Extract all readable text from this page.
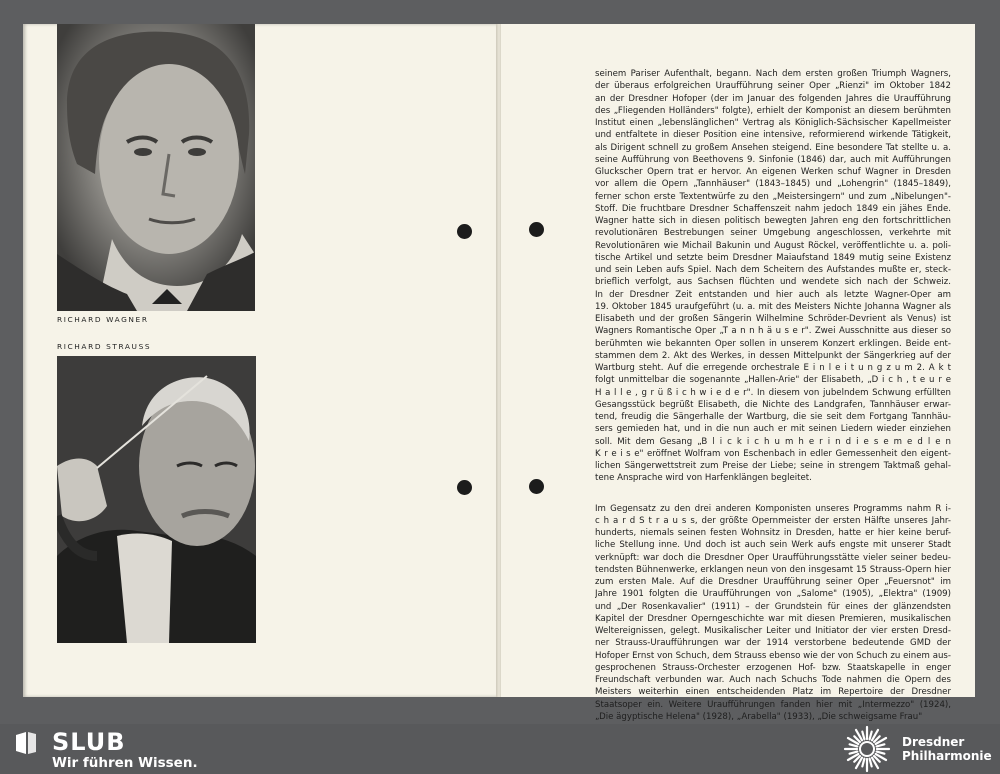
RICHARD WAGNER
RICHARD STRAUSS
seinem Pariser Aufenthalt, begann. Nach dem ersten großen Triumph Wagners,
der überaus erfolgreichen Uraufführung seiner Oper „Rienzi" im Oktober 1842
an der Dresdner Hofoper (der im Januar des folgenden Jahres die Uraufführung
des „Fliegenden Holländers" folgte), erhielt der Komponist an diesem berühmten
Institut einen „lebenslänglichen" Vertrag als Königlich-Sächsischer Kapellmeister
und entfaltete in dieser Position eine intensive, reformierend wirkende Tätigkeit,
als Dirigent schnell zu großem Ansehen steigend. Eine besondere Tat stellte u. a.
seine Aufführung von Beethovens 9. Sinfonie (1846) dar, auch mit Aufführungen
Gluckscher Opern trat er hervor. An eigenen Werken schuf Wagner in Dresden
vor allem die Opern „Tannhäuser" (1843–1845) und „Lohengrin" (1845–1849),
ferner schon erste Textentwürfe zu den „Meistersingern" und zum „Nibelungen"-
Stoff. Die fruchtbare Dresdner Schaffenszeit nahm jedoch 1849 ein jähes Ende.
Wagner hatte sich in diesen politisch bewegten Jahren eng den fortschrittlichen
revolutionären Bestrebungen seiner Umgebung angeschlossen, verkehrte mit
Revolutionären wie Michail Bakunin und August Röckel, veröffentlichte u. a. poli-
tische Artikel und setzte beim Dresdner Maiaufstand 1849 mutig seine Existenz
und sein Leben aufs Spiel. Nach dem Scheitern des Aufstandes mußte er, steck-
brieflich verfolgt, aus Sachsen flüchten und wendete sich nach der Schweiz.
In der Dresdner Zeit entstanden und hier auch als letzte Wagner-Oper am
19. Oktober 1845 uraufgeführt (u. a. mit des Meisters Nichte Johanna Wagner als
Elisabeth und der großen Sängerin Wilhelmine Schröder-Devrient als Venus) ist
Wagners Romantische Oper „T a n n h ä u s e r". Zwei Ausschnitte aus dieser so
berühmten wie bekannten Oper sollen in unserem Konzert erklingen. Beide ent-
stammen dem 2. Akt des Werkes, in dessen Mittelpunkt der Sängerkrieg auf der
Wartburg steht. Auf die erregende orchestrale E i n l e i t u n g z u m 2. A k t
folgt unmittelbar die sogenannte „Hallen-Arie" der Elisabeth, „D i c h , t e u r e
H a l l e , g r ü ß i c h w i e d e r". In diesem von jubelndem Schwung erfüllten
Gesangsstück begrüßt Elisabeth, die Nichte des Landgrafen, Tannhäuser erwar-
tend, freudig die Sängerhalle der Wartburg, die sie seit dem Fortgang Tannhäu-
sers gemieden hat, und in die nun auch er mit seinen Liedern wieder einziehen
soll. Mit dem Gesang „B l i c k i c h u m h e r i n d i e s e m e d l e n
K r e i s e" eröffnet Wolfram von Eschenbach in edler Gemessenheit den eigent-
lichen Sängerwettstreit zum Preise der Liebe; seine in strengem Taktmaß gehal-
tene Ansprache wird von Harfenklängen begleitet.
Im Gegensatz zu den drei anderen Komponisten unseres Programms nahm R i-
c h a r d S t r a u s s, der größte Opernmeister der ersten Hälfte unseres Jahr-
hunderts, niemals seinen festen Wohnsitz in Dresden, hatte er hier keine beruf-
liche Stellung inne. Und doch ist auch sein Werk aufs engste mit unserer Stadt
verknüpft: war doch die Dresdner Oper Uraufführungsstätte vieler seiner bedeu-
tendsten Bühnenwerke, erklangen neun von den insgesamt 15 Strauss-Opern hier
zum ersten Male. Auf die Dresdner Uraufführung seiner Oper „Feuersnot" im
Jahre 1901 folgten die Uraufführungen von „Salome" (1905), „Elektra" (1909)
und „Der Rosenkavalier" (1911) – der Grundstein für eines der glänzendsten
Kapitel der Dresdner Operngeschichte war mit diesen Premieren, musikalischen
Weltereignissen, gelegt. Musikalischer Leiter und Initiator der vier ersten Dresd-
ner Strauss-Uraufführungen war der 1914 verstorbene bedeutende GMD der
Hofoper Ernst von Schuch, dem Strauss ebenso wie der von Schuch zu einem aus-
gesprochenen Strauss-Orchester erzogenen Hof- bzw. Staatskapelle in enger
Freundschaft verbunden war. Auch nach Schuchs Tode nahmen die Opern des
Meisters weiterhin einen entscheidenden Platz im Repertoire der Dresdner
Staatsoper ein. Weitere Uraufführungen fanden hier mit „Intermezzo" (1924),
„Die ägyptische Helena" (1928), „Arabella" (1933), „Die schweigsame Frau"
SLUB
Wir führen Wissen.
Dresdner
Philharmonie
